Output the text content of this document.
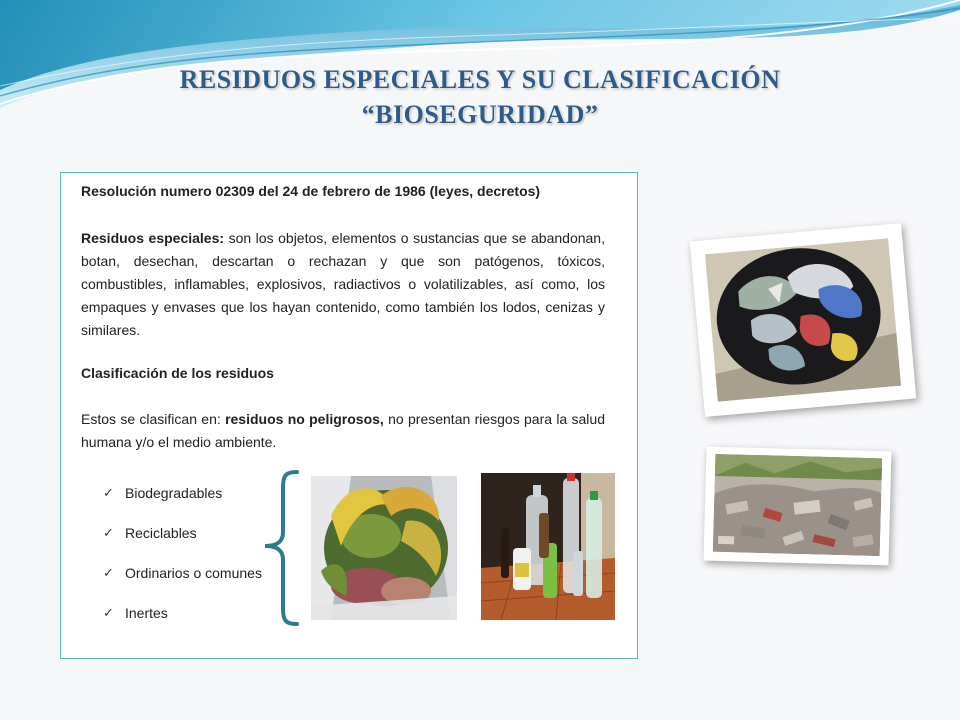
RESIDUOS ESPECIALES Y SU CLASIFICACIÓN
“BIOSEGURIDAD”
Resolución numero 02309 del 24 de febrero de 1986 (leyes, decretos)
Residuos especiales: son los objetos, elementos o sustancias que se abandonan, botan, desechan, descartan o rechazan y que son patógenos, tóxicos, combustibles, inflamables, explosivos, radiactivos o volatilizables, así como, los empaques y envases que los hayan contenido, como también los lodos, cenizas y similares.
Clasificación de los residuos
Estos se clasifican en: residuos no peligrosos, no presentan riesgos para la salud humana y/o el medio ambiente.
✓ Biodegradables
✓ Reciclables
✓ Ordinarios o comunes
✓ Inertes
